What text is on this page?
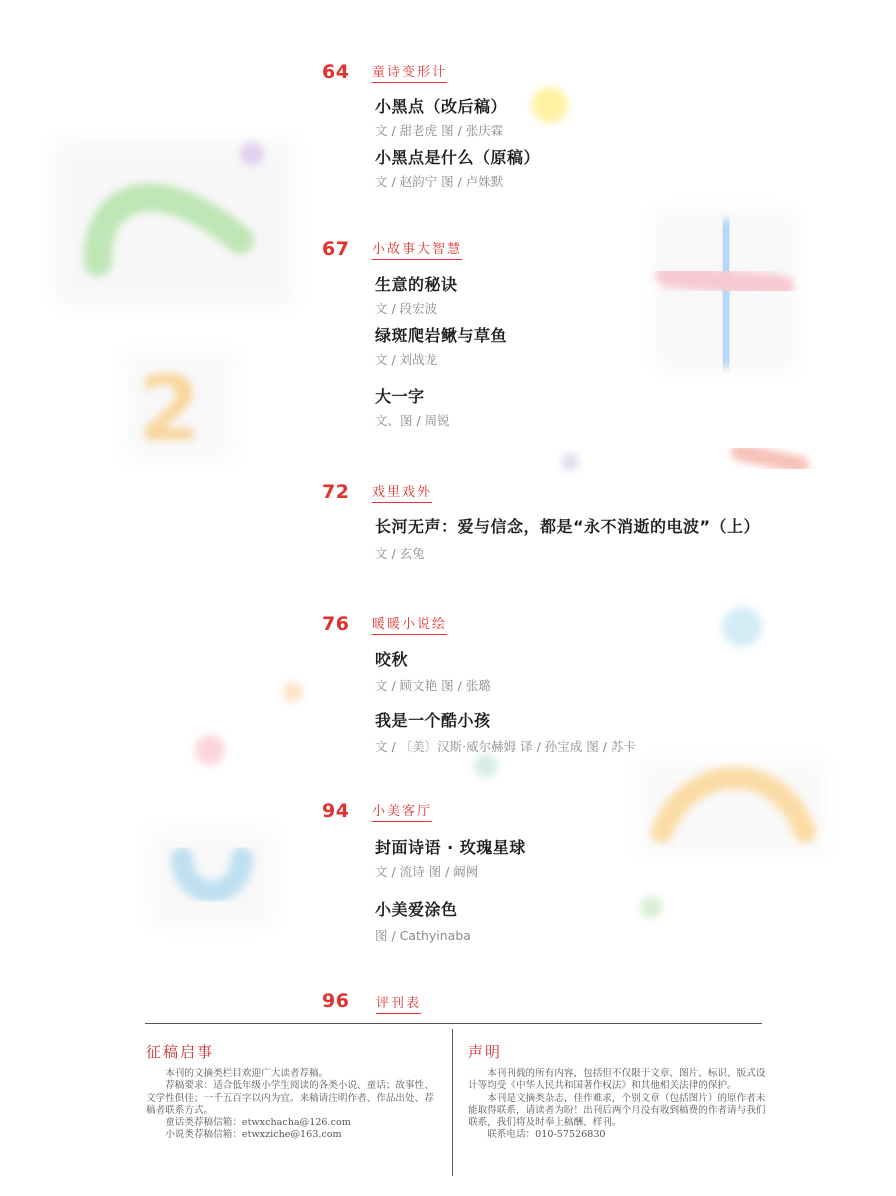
2
64	童诗变形计
小黑点（改后稿）
文 / 甜老虎 图 / 张庆霖
小黑点是什么（原稿）
文 / 赵韵宁 图 / 卢姝默
67	小故事大智慧
生意的秘诀
文 / 段宏波
绿斑爬岩鳅与草鱼
文 / 刘战龙
大一字
文、图 / 周锐
72	戏里戏外
长河无声：爱与信念，都是“永不消逝的电波”（上）
文 / 玄兔
76	暖暖小说绘
咬秋
文 / 顾文艳 图 / 张璐
我是一个酷小孩
文 / 〔美〕汉斯·威尔赫姆 译 / 孙宝成 图 / 苏卡
94	小美客厅
封面诗语 · 玫瑰星球
文 / 流诗 图 / 阚阙
小美爱涂色
图 / Cathyinaba
96	评刊表
征稿启事

本刊的文摘类栏目欢迎广大读者荐稿。

荐稿要求：适合低年级小学生阅读的各类小说、童话；故事性、文学性俱佳；一千五百字以内为宜。来稿请注明作者、作品出处、荐稿者联系方式。

童话类荐稿信箱：etwxchacha@126.com

小说类荐稿信箱：etwxziche@163.com

声明

本刊刊载的所有内容，包括但不仅限于文章、图片、标识、版式设计等均受《中华人民共和国著作权法》和其他相关法律的保护。

本刊是文摘类杂志，佳作难求，个别文章（包括图片）的原作者未能取得联系，请读者为盼！出刊后两个月没有收到稿费的作者请与我们联系，我们将及时奉上稿酬、样刊。

联系电话：010-57526830
